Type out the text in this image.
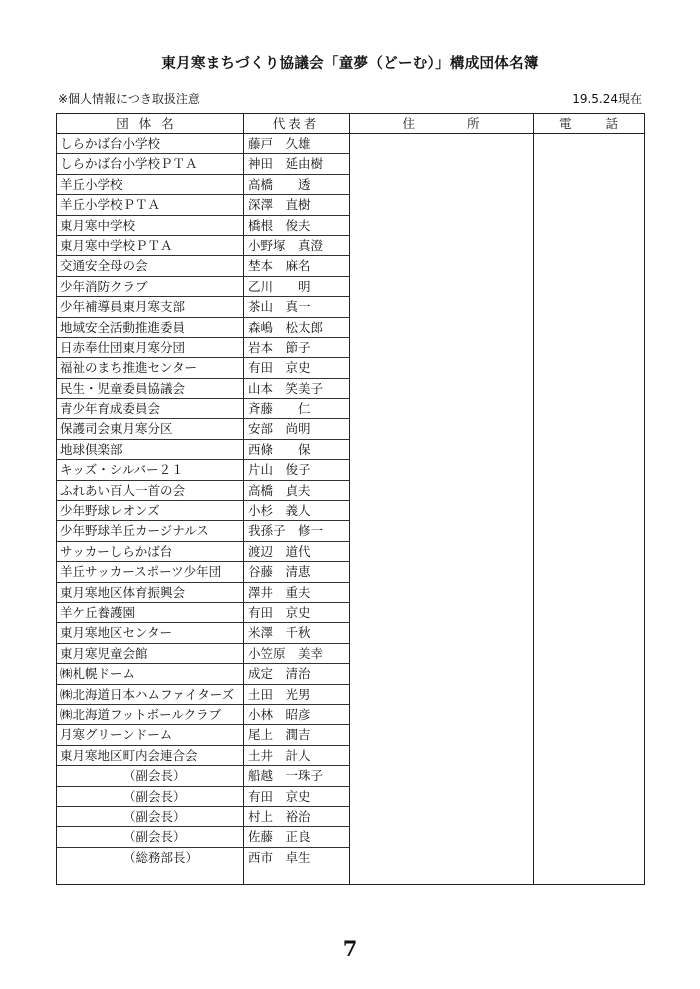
東月寒まちづくり協議会「童夢（どーむ）」構成団体名簿
※個人情報につき取扱注意	19.5.24現在
団体名	代表者	住 所	電 話
しらかば台小学校	藤戸　久雄
しらかば台小学校ＰＴＡ	神田　延由樹
羊丘小学校	高橋　　透
羊丘小学校ＰＴＡ	深澤　直樹
東月寒中学校	橋根　俊夫
東月寒中学校ＰＴＡ	小野塚　真澄
交通安全母の会	埜本　麻名
少年消防クラブ	乙川　　明
少年補導員東月寒支部	茶山　真一
地域安全活動推進委員	森嶋　松太郎
日赤奉仕団東月寒分団	岩本　節子
福祉のまち推進センター	有田　京史
民生・児童委員協議会	山本　笑美子
青少年育成委員会	斉藤　　仁
保護司会東月寒分区	安部　尚明
地球倶楽部	西條　　保
キッズ・シルバー２１	片山　俊子
ふれあい百人一首の会	高橋　貞夫
少年野球レオンズ	小杉　義人
少年野球羊丘カージナルス	我孫子　修一
サッカーしらかば台	渡辺　道代
羊丘サッカースポーツ少年団 谷藤　清恵
東月寒地区体育振興会	澤井　重夫
羊ケ丘養護園	有田　京史
東月寒地区センター	米澤　千秋
東月寒児童会館	小笠原　美幸
㈱札幌ドーム	成定　清治
㈱北海道日本ハムファイターズ 土田　光男
㈱北海道フットボールクラブ 小林　昭彦
月寒グリーンドーム	尾上　潤吉
東月寒地区町内会連合会	土井　計人
（副会長）	船越　一珠子
（副会長）	有田　京史
（副会長）	村上　裕治
（副会長）	佐藤　正良
（総務部長）	西市　卓生
7
